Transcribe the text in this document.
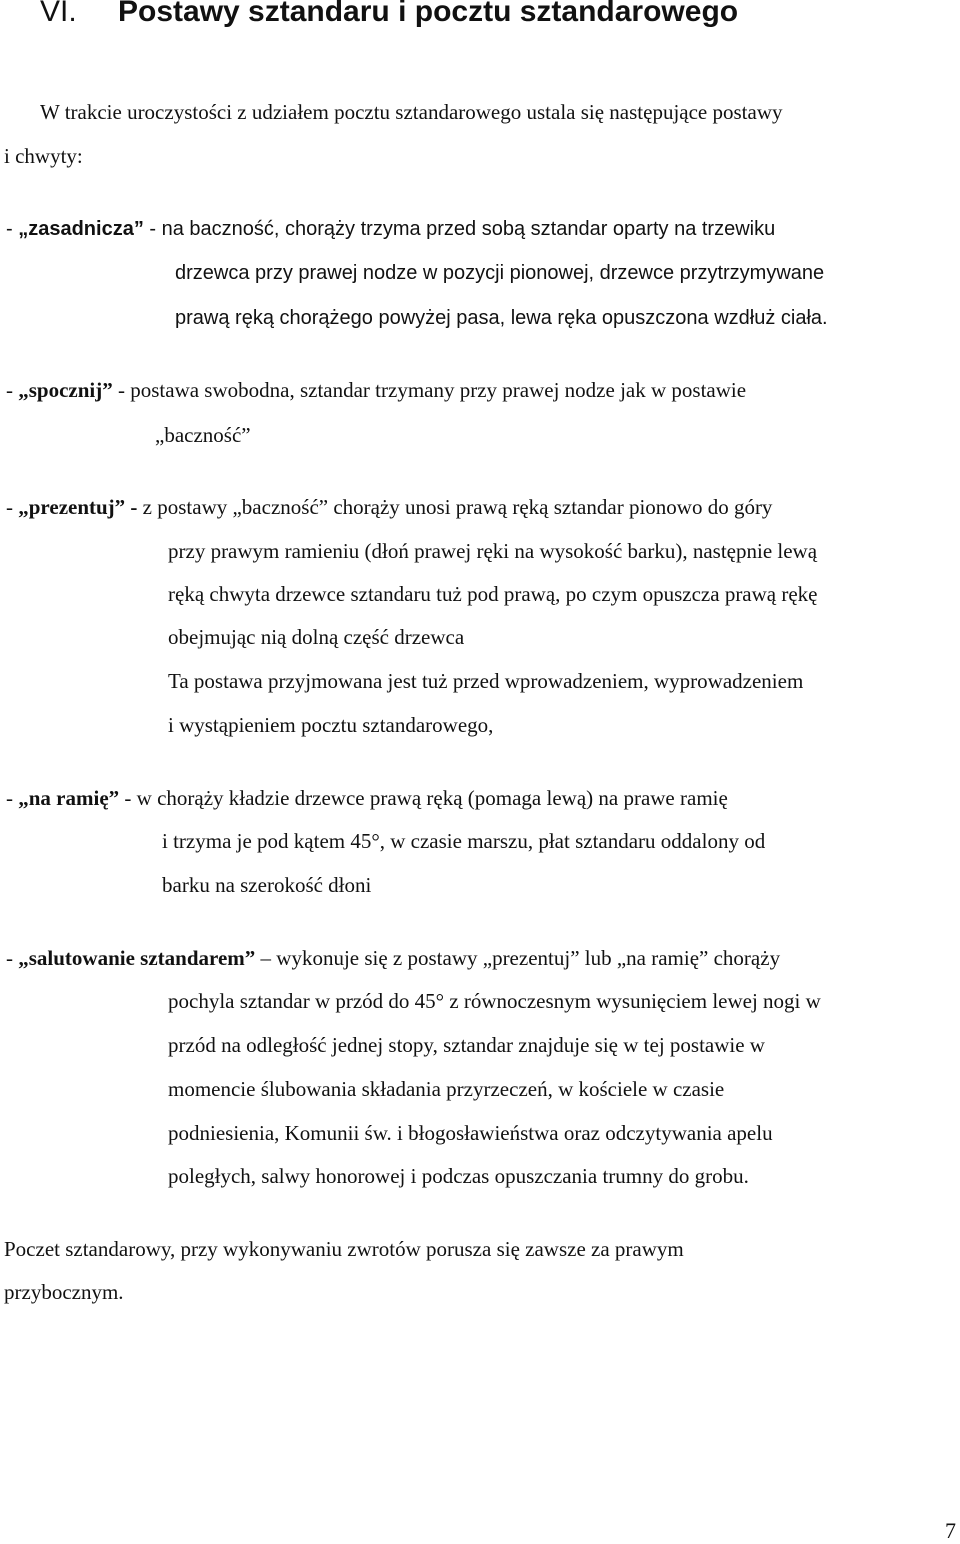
VI. Postawy sztandaru i pocztu sztandarowego
W trakcie uroczystości z udziałem pocztu sztandarowego ustala się następujące postawy
i chwyty:
- „zasadnicza” - na baczność, chorąży trzyma przed sobą sztandar oparty na trzewiku
drzewca przy prawej nodze w pozycji pionowej, drzewce przytrzymywane
prawą ręką chorążego powyżej pasa, lewa ręka opuszczona wzdłuż ciała.
- „spocznij” - postawa swobodna, sztandar trzymany przy prawej nodze jak w postawie
„baczność”
- „prezentuj” - z postawy „baczność” chorąży unosi prawą ręką sztandar pionowo do góry
przy prawym ramieniu (dłoń prawej ręki na wysokość barku), następnie lewą
ręką chwyta drzewce sztandaru tuż pod prawą, po czym opuszcza prawą rękę
obejmując nią dolną część drzewca
Ta postawa przyjmowana jest tuż przed wprowadzeniem, wyprowadzeniem
i wystąpieniem pocztu sztandarowego,
- „na ramię” - w chorąży kładzie drzewce prawą ręką (pomaga lewą) na prawe ramię
i trzyma je pod kątem 45°, w czasie marszu, płat sztandaru oddalony od
barku na szerokość dłoni
- „salutowanie sztandarem” – wykonuje się z postawy „prezentuj” lub „na ramię” chorąży
pochyla sztandar w przód do 45° z równoczesnym wysunięciem lewej nogi w
przód na odległość jednej stopy, sztandar znajduje się w tej postawie w
momencie ślubowania składania przyrzeczeń, w kościele w czasie
podniesienia, Komunii św. i błogosławieństwa oraz odczytywania apelu
poległych, salwy honorowej i podczas opuszczania trumny do grobu.
Poczet sztandarowy, przy wykonywaniu zwrotów porusza się zawsze za prawym
przybocznym.
7
